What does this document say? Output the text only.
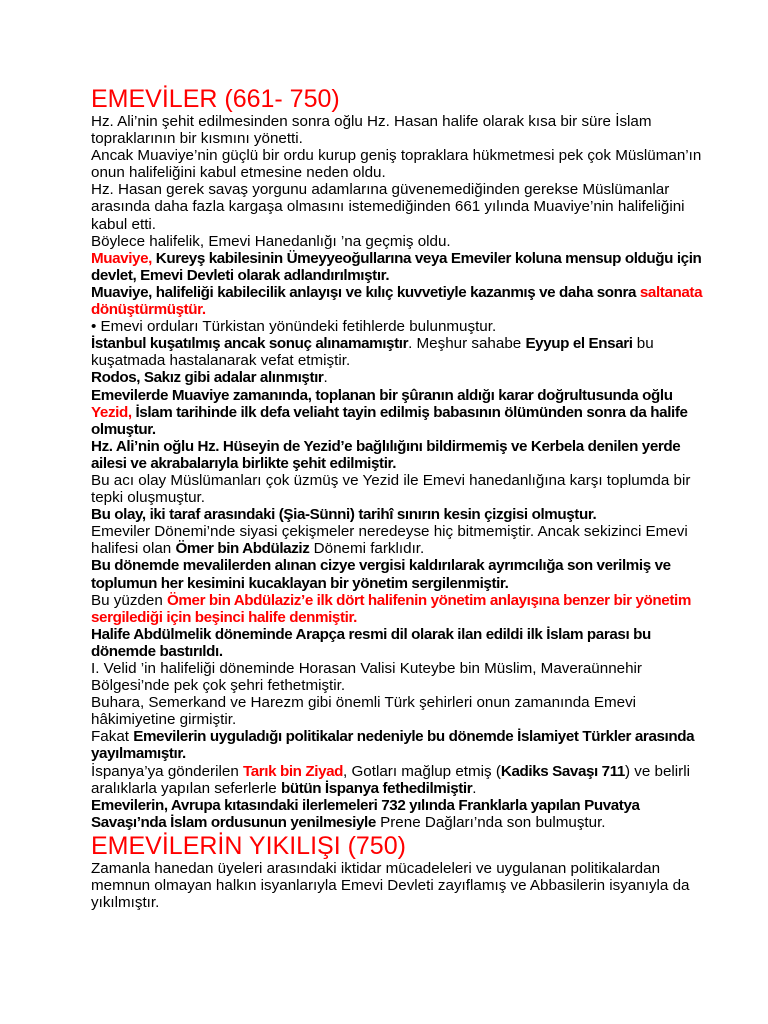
EMEVİLER (661- 750)

Hz. Ali’nin şehit edilmesinden sonra oğlu Hz. Hasan halife olarak kısa bir süre İslam topraklarının bir kısmını yönetti.

Ancak Muaviye’nin güçlü bir ordu kurup geniş topraklara hükmetmesi pek çok Müslüman’ın onun halifeliğini kabul etmesine neden oldu.

Hz. Hasan gerek savaş yorgunu adamlarına güvenemediğinden gerekse Müslümanlar arasında daha fazla kargaşa olmasını istemediğinden 661 yılında Muaviye’nin halifeliğini kabul etti.

Böylece halifelik, Emevi Hanedanlığı ’na geçmiş oldu.

Muaviye, Kureyş kabilesinin Ümeyyeoğullarına veya Emeviler koluna mensup olduğu için devlet, Emevi Devleti olarak adlandırılmıştır.

Muaviye, halifeliği kabilecilik anlayışı ve kılıç kuvvetiyle kazanmış ve daha sonra saltanata dönüştürmüştür.

• Emevi orduları Türkistan yönündeki fetihlerde bulunmuştur.

İstanbul kuşatılmış ancak sonuç alınamamıştır. Meşhur sahabe Eyyup el Ensari bu kuşatmada hastalanarak vefat etmiştir.

Rodos, Sakız gibi adalar alınmıştır.

Emevilerde Muaviye zamanında, toplanan bir şûranın aldığı karar doğrultusunda oğlu Yezid, İslam tarihinde ilk defa veliaht tayin edilmiş babasının ölümünden sonra da halife olmuştur.

Hz. Ali’nin oğlu Hz. Hüseyin de Yezid’e bağlılığını bildirmemiş ve Kerbela denilen yerde ailesi ve akrabalarıyla birlikte şehit edilmiştir.

Bu acı olay Müslümanları çok üzmüş ve Yezid ile Emevi hanedanlığına karşı toplumda bir tepki oluşmuştur.

Bu olay, iki taraf arasındaki (Şia-Sünni) tarihî sınırın kesin çizgisi olmuştur.

Emeviler Dönemi’nde siyasi çekişmeler neredeyse hiç bitmemiştir. Ancak sekizinci Emevi halifesi olan Ömer bin Abdülaziz Dönemi farklıdır.

Bu dönemde mevalilerden alınan cizye vergisi kaldırılarak ayrımcılığa son verilmiş ve toplumun her kesimini kucaklayan bir yönetim sergilenmiştir.

Bu yüzden Ömer bin Abdülaziz’e ilk dört halifenin yönetim anlayışına benzer bir yönetim sergilediği için beşinci halife denmiştir.

Halife Abdülmelik döneminde Arapça resmi dil olarak ilan edildi ilk İslam parası bu dönemde bastırıldı.

I. Velid ’in halifeliği döneminde Horasan Valisi Kuteybe bin Müslim, Maveraünnehir Bölgesi’nde pek çok şehri fethetmiştir.

Buhara, Semerkand ve Harezm gibi önemli Türk şehirleri onun zamanında Emevi hâkimiyetine girmiştir.

Fakat Emevilerin uyguladığı politikalar nedeniyle bu dönemde İslamiyet Türkler arasında yayılmamıştır.

İspanya’ya gönderilen Tarık bin Ziyad, Gotları mağlup etmiş (Kadiks Savaşı 711) ve belirli aralıklarla yapılan seferlerle bütün İspanya fethedilmiştir.

Emevilerin, Avrupa kıtasındaki ilerlemeleri 732 yılında Franklarla yapılan Puvatya Savaşı’nda İslam ordusunun yenilmesiyle Prene Dağları’nda son bulmuştur.

EMEVİLERİN YIKILIŞI (750)

Zamanla hanedan üyeleri arasındaki iktidar mücadeleleri ve uygulanan politikalardan memnun olmayan halkın isyanlarıyla Emevi Devleti zayıflamış ve Abbasilerin isyanıyla da yıkılmıştır.
